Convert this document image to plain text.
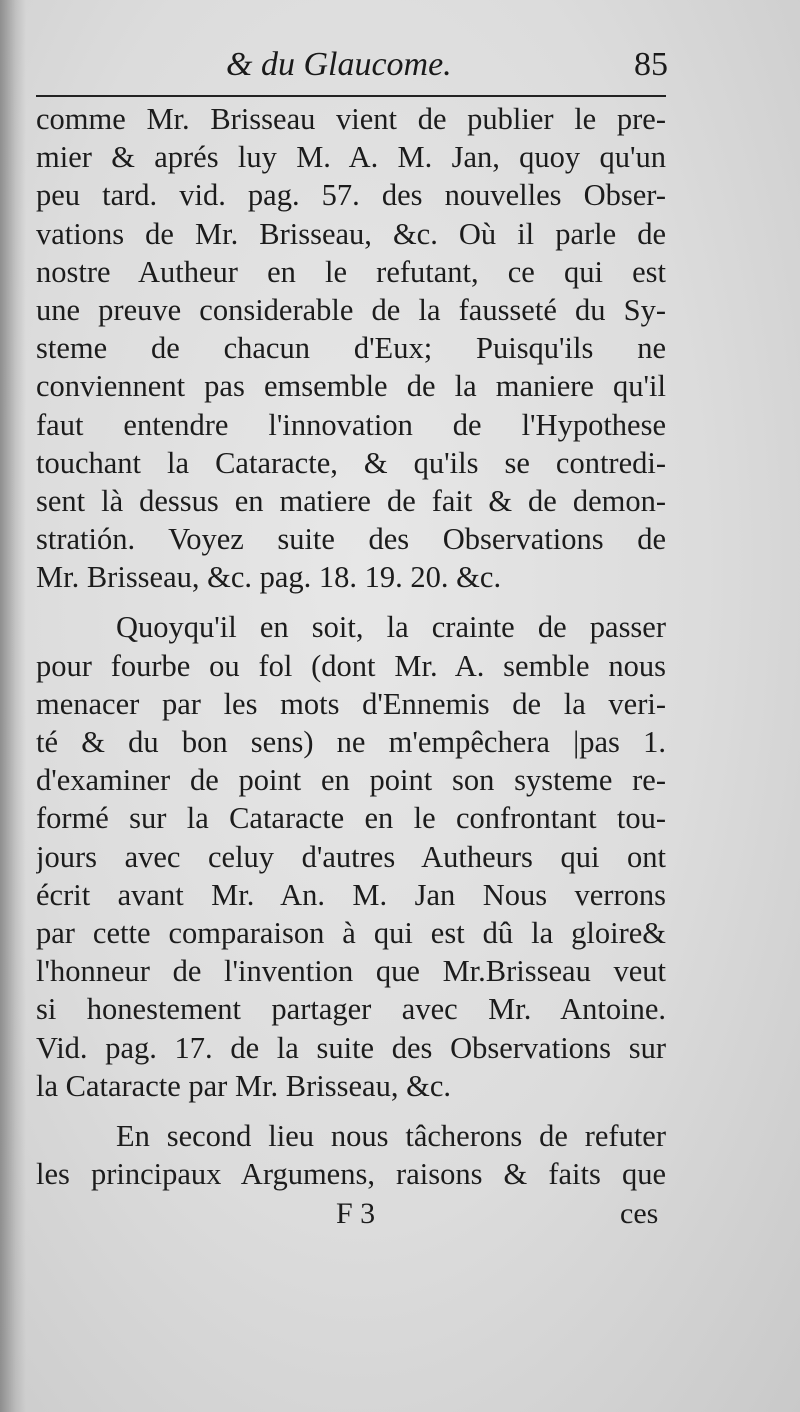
& du Glaucome.	85
comme Mr. Brisseau vient de publier le pre-
mier & aprés luy M. A. M. Jan, quoy qu'un
peu tard. vid. pag. 57. des nouvelles Obser-
vations de Mr. Brisseau, &c. Où il parle de
nostre Autheur en le refutant, ce qui est
une preuve considerable de la fausseté du Sy-
steme de chacun d'Eux; Puisqu'ils ne
conviennent pas emsemble de la maniere qu'il
faut entendre l'innovation de l'Hypothese
touchant la Cataracte, & qu'ils se contredi-
sent là dessus en matiere de fait & de demon-
stratión. Voyez suite des Observations de
Mr. Brisseau, &c. pag. 18. 19. 20. &c.
Quoyqu'il en soit, la crainte de passer
pour fourbe ou fol (dont Mr. A. semble nous
menacer par les mots d'Ennemis de la veri-
té & du bon sens) ne m'empêchera |pas 1.
d'examiner de point en point son systeme re-
formé sur la Cataracte en le confrontant tou-
jours avec celuy d'autres Autheurs qui ont
écrit avant Mr. An. M. Jan Nous verrons
par cette comparaison à qui est dû la gloire&
l'honneur de l'invention que Mr.Brisseau veut
si honestement partager avec Mr. Antoine.
Vid. pag. 17. de la suite des Observations sur
la Cataracte par Mr. Brisseau, &c.
En second lieu nous tâcherons de refuter
les principaux Argumens, raisons & faits que
F 3	ces
